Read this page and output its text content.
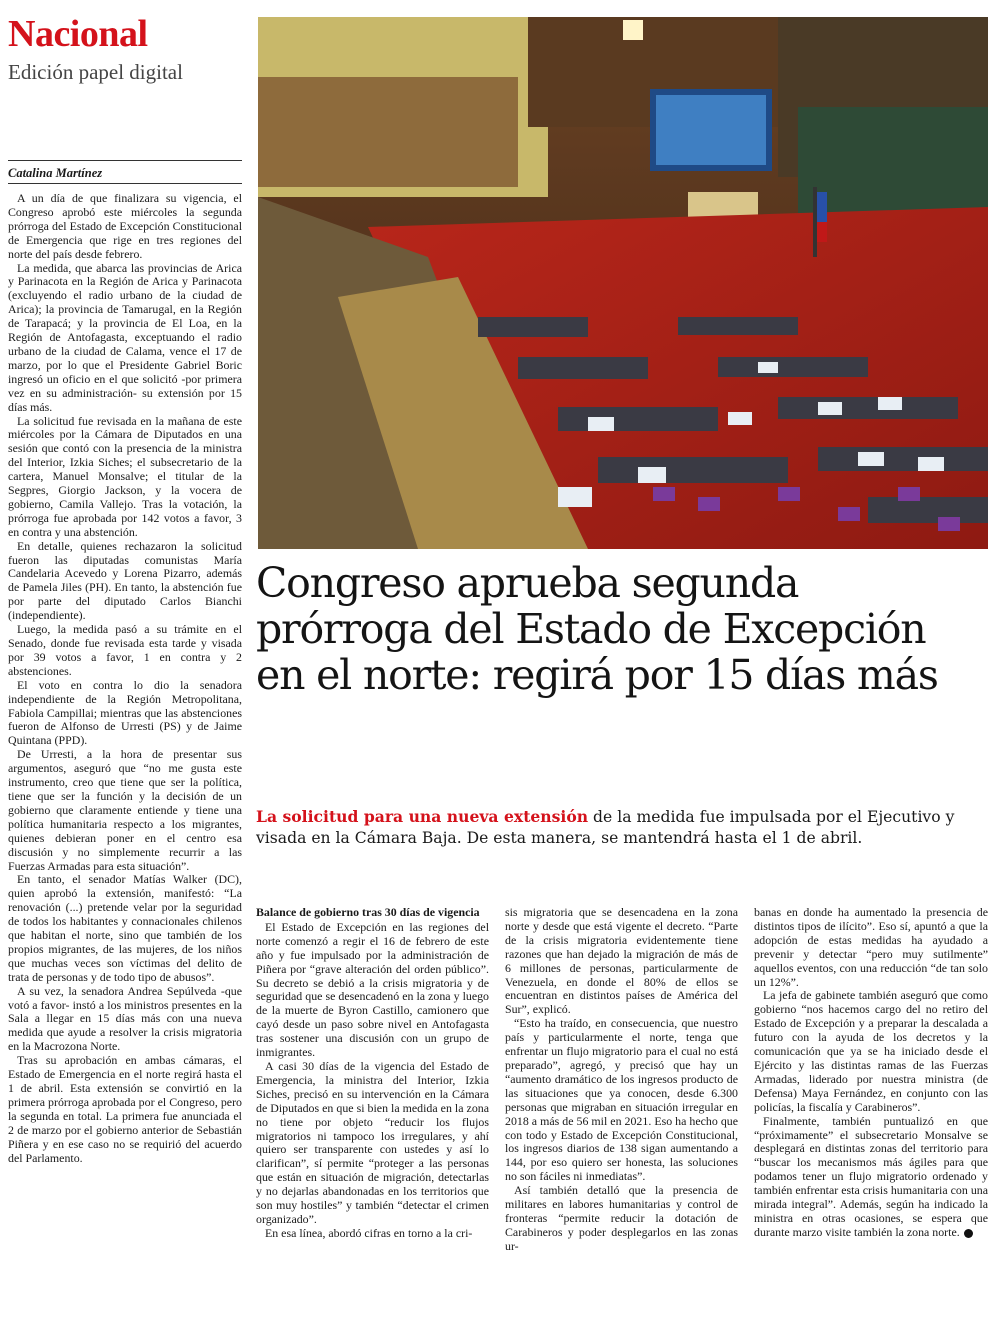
Nacional
Edición papel digital
Catalina Martínez

A un día de que finalizara su vigencia, el Congreso aprobó este miércoles la segunda prórroga del Estado de Excepción Constitucional de Emergencia que rige en tres regiones del norte del país desde febrero.

La medida, que abarca las provincias de Arica y Parinacota en la Región de Arica y Parinacota (excluyendo el radio urbano de la ciudad de Arica); la provincia de Tamarugal, en la Región de Tarapacá; y la provincia de El Loa, en la Región de Antofagasta, exceptuando el radio urbano de la ciudad de Calama, vence el 17 de marzo, por lo que el Presidente Gabriel Boric ingresó un oficio en el que solicitó -por primera vez en su administración- su extensión por 15 días más.

La solicitud fue revisada en la mañana de este miércoles por la Cámara de Diputados en una sesión que contó con la presencia de la ministra del Interior, Izkia Siches; el subsecretario de la cartera, Manuel Monsalve; el titular de la Segpres, Giorgio Jackson, y la vocera de gobierno, Camila Vallejo. Tras la votación, la prórroga fue aprobada por 142 votos a favor, 3 en contra y una abstención.

En detalle, quienes rechazaron la solicitud fueron las diputadas comunistas María Candelaria Acevedo y Lorena Pizarro, además de Pamela Jiles (PH). En tanto, la abstención fue por parte del diputado Carlos Bianchi (independiente).

Luego, la medida pasó a su trámite en el Senado, donde fue revisada esta tarde y visada por 39 votos a favor, 1 en contra y 2 abstenciones.

El voto en contra lo dio la senadora independiente de la Región Metropolitana, Fabiola Campillai; mientras que las abstenciones fueron de Alfonso de Urresti (PS) y de Jaime Quintana (PPD).

De Urresti, a la hora de presentar sus argumentos, aseguró que “no me gusta este instrumento, creo que tiene que ser la política, tiene que ser la función y la decisión de un gobierno que claramente entiende y tiene una política humanitaria respecto a los migrantes, quienes debieran poner en el centro esa discusión y no simplemente recurrir a las Fuerzas Armadas para esta situación”.

En tanto, el senador Matías Walker (DC), quien aprobó la extensión, manifestó: “La renovación (...) pretende velar por la seguridad de todos los habitantes y connacionales chilenos que habitan el norte, sino que también de los propios migrantes, de las mujeres, de los niños que muchas veces son víctimas del delito de trata de personas y de todo tipo de abusos”.

A su vez, la senadora Andrea Sepúlveda -que votó a favor- instó a los ministros presentes en la Sala a llegar en 15 días más con una nueva medida que ayude a resolver la crisis migratoria en la Macrozona Norte.

Tras su aprobación en ambas cámaras, el Estado de Emergencia en el norte regirá hasta el 1 de abril. Esta extensión se convirtió en la primera prórroga aprobada por el Congreso, pero la segunda en total. La primera fue anunciada el 2 de marzo por el gobierno anterior de Sebastián Piñera y en ese caso no se requirió del acuerdo del Parlamento.

Congreso aprueba segunda prórroga del Estado de Excepción en el norte: regirá por 15 días más

La solicitud para una nueva extensión de la medida fue impulsada por el Ejecutivo y visada en la Cámara Baja. De esta manera, se mantendrá hasta el 1 de abril.

Balance de gobierno tras 30 días de vigencia

El Estado de Excepción en las regiones del norte comenzó a regir el 16 de febrero de este año y fue impulsado por la administración de Piñera por “grave alteración del orden público”. Su decreto se debió a la crisis migratoria y de seguridad que se desencadenó en la zona y luego de la muerte de Byron Castillo, camionero que cayó desde un paso sobre nivel en Antofagasta tras sostener una discusión con un grupo de inmigrantes.

A casi 30 días de la vigencia del Estado de Emergencia, la ministra del Interior, Izkia Siches, precisó en su intervención en la Cámara de Diputados en que si bien la medida en la zona no tiene por objeto “reducir los flujos migratorios ni tampoco los irregulares, y ahí quiero ser transparente con ustedes y así lo clarifican”, sí permite “proteger a las personas que están en situación de migración, detectarlas y no dejarlas abandonadas en los territorios que son muy hostiles” y también “detectar el crimen organizado”.

En esa línea, abordó cifras en torno a la cri-

sis migratoria que se desencadena en la zona norte y desde que está vigente el decreto. “Parte de la crisis migratoria evidentemente tiene razones que han dejado la migración de más de 6 millones de personas, particularmente de Venezuela, en donde el 80% de ellos se encuentran en distintos países de América del Sur”, explicó.

“Esto ha traído, en consecuencia, que nuestro país y particularmente el norte, tenga que enfrentar un flujo migratorio para el cual no está preparado”, agregó, y precisó que hay un “aumento dramático de los ingresos producto de las situaciones que ya conocen, desde 6.300 personas que migraban en situación irregular en 2018 a más de 56 mil en 2021. Eso ha hecho que con todo y Estado de Excepción Constitucional, los ingresos diarios de 138 sigan aumentando a 144, por eso quiero ser honesta, las soluciones no son fáciles ni inmediatas”.

Así también detalló que la presencia de militares en labores humanitarias y control de fronteras “permite reducir la dotación de Carabineros y poder desplegarlos en las zonas ur-

banas en donde ha aumentado la presencia de distintos tipos de ilícito”. Eso sí, apuntó a que la adopción de estas medidas ha ayudado a prevenir y detectar “pero muy sutilmente” aquellos eventos, con una reducción “de tan solo un 12%”.

La jefa de gabinete también aseguró que como gobierno “nos hacemos cargo del no retiro del Estado de Excepción y a preparar la descalada a futuro con la ayuda de los decretos y la comunicación que ya se ha iniciado desde el Ejército y las distintas ramas de las Fuerzas Armadas, liderado por nuestra ministra (de Defensa) Maya Fernández, en conjunto con las policías, la fiscalía y Carabineros”.

Finalmente, también puntualizó en que “próximamente” el subsecretario Monsalve se desplegará en distintas zonas del territorio para “buscar los mecanismos más ágiles para que podamos tener un flujo migratorio ordenado y también enfrentar esta crisis humanitaria con una mirada integral”. Además, según ha indicado la ministra en otras ocasiones, se espera que durante marzo visite también la zona norte.
